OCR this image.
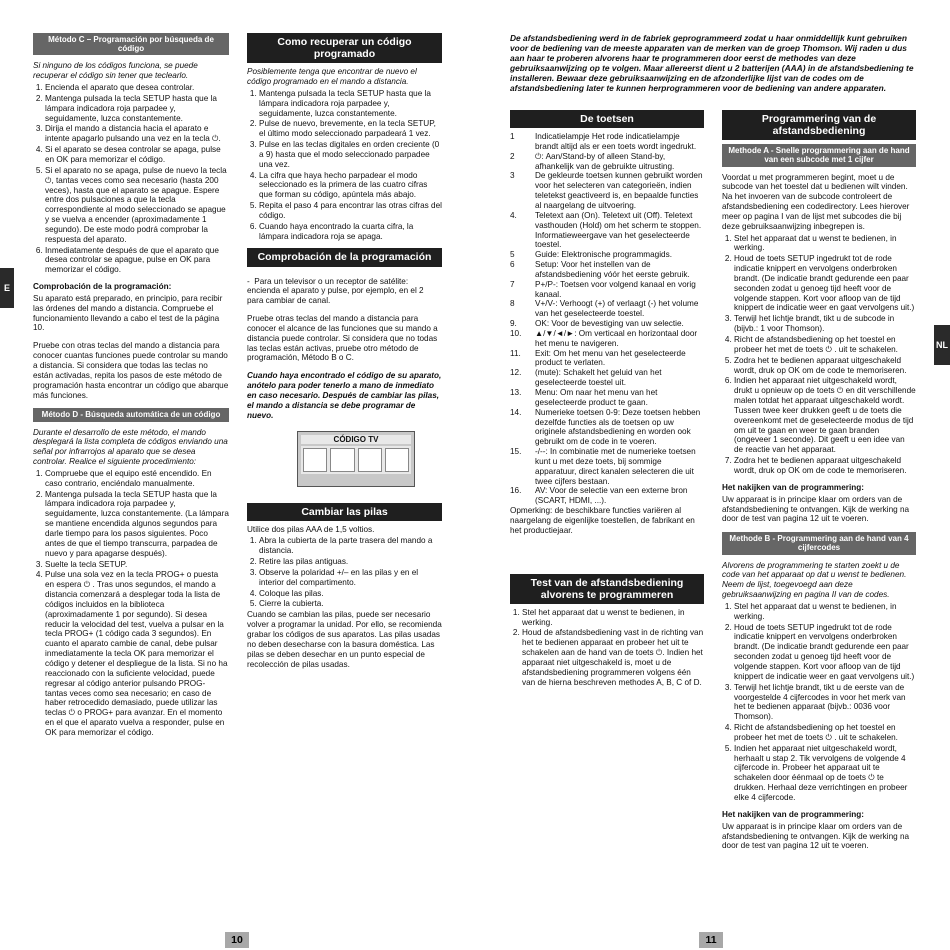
E
Método C – Programación por búsqueda de código

Si ninguno de los códigos funciona, se puede recuperar el código sin tener que teclearlo.

1. Encienda el aparato que desea controlar.
2. Mantenga pulsada la tecla SETUP hasta que la lámpara indicadora roja parpadee y, seguidamente, luzca constantemente.
3. Dirija el mando a distancia hacia el aparato e intente apagarlo pulsando una vez en la tecla ⏻.
4. Si el aparato se desea controlar se apaga, pulse en OK para memorizar el código.
5. Si el aparato no se apaga, pulse de nuevo la tecla ⏻, tantas veces como sea necesario (hasta 200 veces), hasta que el aparato se apague. Espere entre dos pulsaciones a que la tecla correspondiente al modo seleccionado se apague y se vuelva a encender (aproximadamente 1 segundo). De este modo podrá comprobar la respuesta del aparato.
6. Inmediatamente después de que el aparato que desea controlar se apague, pulse en OK para memorizar el código.

Comprobación de la programación:

Su aparato está preparado, en principio, para recibir las órdenes del mando a distancia. Compruebe el funcionamiento llevando a cabo el test de la página 10.

Pruebe con otras teclas del mando a distancia para conocer cuantas funciones puede controlar su mando a distancia. Si considera que todas las teclas no están activadas, repita los pasos de este método de programación hasta encontrar un código que abarque más funciones.

Método D - Búsqueda automática de un código

Durante el desarrollo de este método, el mando desplegará la lista completa de códigos enviando una señal por infrarrojos al aparato que se desea controlar. Realice el siguiente procedimiento:

1. Compruebe que el equipo esté encendido. En caso contrario, enciéndalo manualmente.
2. Mantenga pulsada la tecla SETUP hasta que la lámpara indicadora roja parpadee y, seguidamente, luzca constantemente. (La lámpara se mantiene encendida algunos segundos para darle tiempo para los pasos siguientes. Poco antes de que el tiempo transcurra, parpadea de nuevo y para apagarse después).
3. Suelte la tecla SETUP.
4. Pulse una sola vez en la tecla PROG+ o puesta en espera ⏻ . Tras unos segundos, el mando a distancia comenzará a desplegar toda la lista de códigos incluidos en la biblioteca (aproximadamente 1 por segundo). Si desea reducir la velocidad del test, vuelva a pulsar en la tecla PROG+ (1 código cada 3 segundos). En cuanto el aparato cambie de canal, debe pulsar inmediatamente la tecla OK para memorizar el código y detener el despliegue de la lista. Si no ha reaccionado con la suficiente velocidad, puede regresar al código anterior pulsando PROG- tantas veces como sea necesario; en caso de haber retrocedido demasiado, puede utilizar las teclas ⏻ o PROG+ para avanzar. En el momento en el que el aparato vuelva a responder, pulse en OK para memorizar el código.
Como recuperar un código programado

Posiblemente tenga que encontrar de nuevo el código programado en el mando a distancia.

1. Mantenga pulsada la tecla SETUP hasta que la lámpara indicadora roja parpadee y, seguidamente, luzca constantemente.
2. Pulse de nuevo, brevemente, en la tecla SETUP, el último modo seleccionado parpadeará 1 vez.
3. Pulse en las teclas digitales en orden creciente (0 a 9) hasta que el modo seleccionado parpadee una vez.
4. La cifra que haya hecho parpadear el modo seleccionado es la primera de las cuatro cifras que forman su código, apúntela más abajo.
5. Repita el paso 4 para encontrar las otras cifras del código.
6. Cuando haya encontrado la cuarta cifra, la lámpara indicadora roja se apaga.
Comprobación de la programación

-  Para un televisor o un receptor de satélite: encienda el aparato y pulse, por ejemplo, en el 2 para cambiar de canal.

Pruebe otras teclas del mando a distancia para conocer el alcance de las funciones que su mando a distancia puede controlar. Si considera que no todas las teclas están activas, pruebe otro método de programación, Método B o C.

Cuando haya encontrado el código de su aparato, anótelo para poder tenerlo a mano de inmediato en caso necesario. Después de cambiar las pilas, el mando a distancia se debe programar de nuevo.

CÓDIGO TV
Cambiar las pilas

Utilice dos pilas AAA de 1,5 voltios.

1. Abra la cubierta de la parte trasera del mando a distancia.
2. Retire las pilas antiguas.
3. Observe la polaridad +/– en las pilas y en el interior del compartimento.
4. Coloque las pilas.
5. Cierre la cubierta.

Cuando se cambian las pilas, puede ser necesario volver a programar la unidad. Por ello, se recomienda grabar los códigos de sus aparatos. Las pilas usadas no deben desecharse con la basura doméstica. Las pilas se deben desechar en un punto especial de recolección de pilas usadas.

10
De afstandsbediening werd in de fabriek geprogrammeerd zodat u haar onmiddellijk kunt gebruiken voor de bediening van de meeste apparaten van de merken van de groep Thomson. Wij raden u dus aan haar te proberen alvorens haar te programmeren door eerst de methodes van deze gebruiksaanwijzing op te volgen. Maar allereerst dient u 2 batterijen (AAA) in de afstandsbediening te installeren. Bewaar deze gebruiksaanwijzing en de afzonderlijke lijst van de codes om de afstandsbediening later te kunnen herprogrammeren voor de bediening van andere apparaten.
De toetsen
1	Indicatielampje Het rode indicatielampje brandt altijd als er een toets wordt ingedrukt.
2	⏻: Aan/Stand-by of alleen Stand-by, afhankelijk van de gebruikte uitrusting.
3	De gekleurde toetsen kunnen gebruikt worden voor het selecteren van categorieën, indien teletekst geactiveerd is, en bepaalde functies al naargelang de uitvoering.
4.	Teletext aan (On). Teletext uit (Off). Teletext vasthouden (Hold) om het scherm te stoppen. Informatieweergave van het geselecteerde toestel.
5	Guide: Elektronische programmagids.
6	Setup: Voor het instellen van de afstandsbediening vóór het eerste gebruik.
7	P+/P-: Toetsen voor volgend kanaal en vorig kanaal.
8	V+/V-: Verhoogt (+) of verlaagt (-) het volume van het geselecteerde toestel.
9.	OK: Voor de bevestiging van uw selectie.
10.	▲/▼/◄/►: Om verticaal en horizontaal door het menu te navigeren.
11.	Exit: Om het menu van het geselecteerde product te verlaten.
12.	(mute): Schakelt het geluid van het geselecteerde toestel uit.
13.	Menu: Om naar het menu van het geselecteerde product te gaan.
14.	Numerieke toetsen 0-9: Deze toetsen hebben dezelfde functies als de toetsen op uw originele afstandsbediening en worden ook gebruikt om de code in te voeren.
15.	-/--: In combinatie met de numerieke toetsen kunt u met deze toets, bij sommige apparatuur, direct kanalen selecteren die uit twee cijfers bestaan.
16.	AV: Voor de selectie van een externe bron (SCART, HDMI, ...).

Opmerking: de beschikbare functies variëren al naargelang de eigenlijke toestellen, de fabrikant en het productiejaar.

Test van de afstandsbediening alvorens te programmeren
1. Stel het apparaat dat u wenst te bedienen, in werking.
2. Houd de afstandsbediening vast in de richting van het te bedienen apparaat en probeer het uit te schakelen aan de hand van de toets ⏻. Indien het apparaat niet uitgeschakeld is, moet u de afstandsbediening programmeren volgens één van de hierna beschreven methodes A, B, C of D.
Programmering van de afstandsbediening
Methode A - Snelle programmering aan de hand van een subcode met 1 cijfer

Voordat u met programmeren begint, moet u de subcode van het toestel dat u bedienen wilt vinden. Na het invoeren van de subcode controleert de afstandsbediening een codedirectory. Lees hierover meer op pagina I van de lijst met subcodes die bij deze gebruiksaanwijzing inbegrepen is.

1. Stel het apparaat dat u wenst te bedienen, in werking.
2. Houd de toets SETUP ingedrukt tot de rode indicatie knippert en vervolgens onderbroken brandt. (De indicatie brandt gedurende een paar seconden zodat u genoeg tijd heeft voor de volgende stappen. Kort voor afloop van de tijd knippert de indicatie weer en gaat vervolgens uit.)
3. Terwijl het lichtje brandt, tikt u de subcode in (bijvb.: 1 voor Thomson).
4. Richt de afstandsbediening op het toestel en probeer het met de toets ⏻ . uit te schakelen.
5. Zodra het te bedienen apparaat uitgeschakeld wordt, druk op OK om de code te memoriseren.
6. Indien het apparaat niet uitgeschakeld wordt, drukt u opnieuw op de toets ⏻ en dit verschillende malen totdat het apparaat uitgeschakeld wordt. Tussen twee keer drukken geeft u de toets die overeenkomt met de geselecteerde modus de tijd om uit te gaan en weer te gaan branden (ongeveer 1 seconde). Dit geeft u een idee van de reactie van het apparaat.
7. Zodra het te bedienen apparaat uitgeschakeld wordt, druk op OK om de code te memoriseren.

Het nakijken van de programmering:

Uw apparaat is in principe klaar om orders van de afstandsbediening te ontvangen. Kijk de werking na door de test van pagina 12 uit te voeren.

Methode B - Programmering aan de hand van 4 cijfercodes

Alvorens de programmering te starten zoekt u de code van het apparaat op dat u wenst te bedienen. Neem de lijst, toegevoegd aan deze gebruiksaanwijzing en pagina II van de codes.

1. Stel het apparaat dat u wenst te bedienen, in werking.
2. Houd de toets SETUP ingedrukt tot de rode indicatie knippert en vervolgens onderbroken brandt. (De indicatie brandt gedurende een paar seconden zodat u genoeg tijd heeft voor de volgende stappen. Kort voor afloop van de tijd knippert de indicatie weer en gaat vervolgens uit.)
3. Terwijl het lichtje brandt, tikt u de eerste van de voorgestelde 4 cijfercodes in voor het merk van het te bedienen apparaat (bijvb.: 0036 voor Thomson).
4. Richt de afstandsbediening op het toestel en probeer het met de toets ⏻ . uit te schakelen.
5. Indien het apparaat niet uitgeschakeld wordt, herhaalt u stap 2. Tik vervolgens de volgende 4 cijfercode in. Probeer het apparaat uit te schakelen door éénmaal op de toets ⏻ te drukken. Herhaal deze verrichtingen en probeer elke 4 cijfercode.

Het nakijken van de programmering:

Uw apparaat is in principe klaar om orders van de afstandsbediening te ontvangen. Kijk de werking na door de test van pagina 12 uit te voeren.

NL
11
